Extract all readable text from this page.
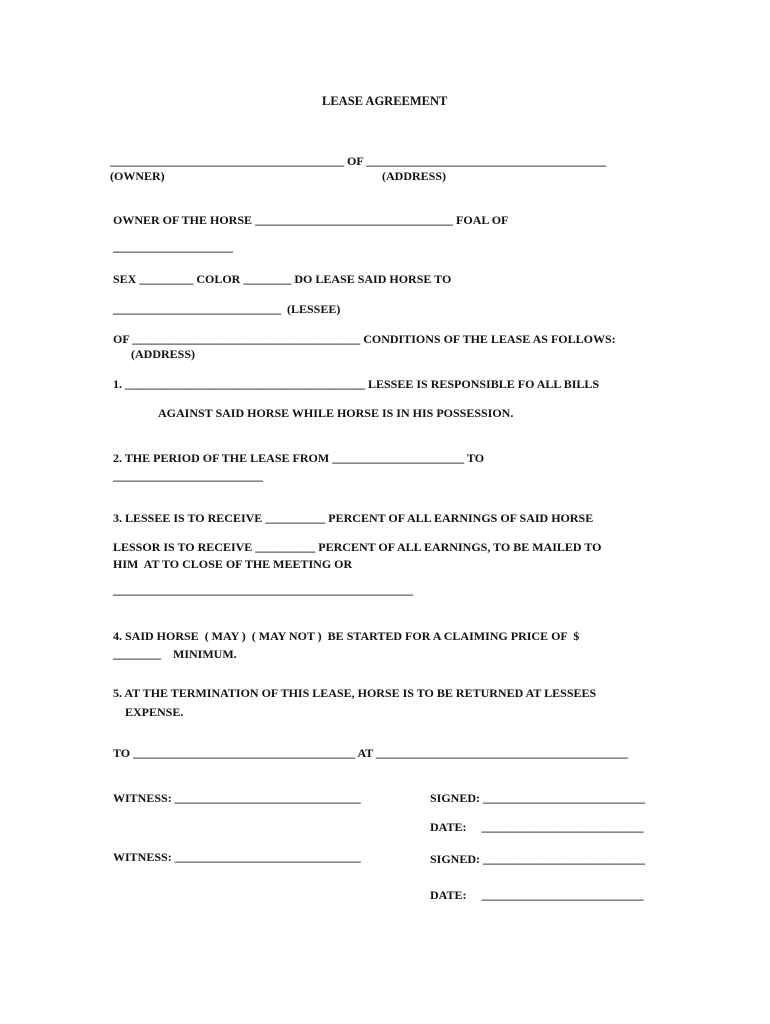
LEASE AGREEMENT
_______________________________________ OF ________________________________________
(OWNER)	(ADDRESS)
OWNER OF THE HORSE _________________________________ FOAL OF
____________________
SEX _________ COLOR ________ DO LEASE SAID HORSE TO
____________________________  (LESSEE)
OF ______________________________________ CONDITIONS OF THE LEASE AS FOLLOWS:
(ADDRESS)
1. ________________________________________ LESSEE IS RESPONSIBLE FO ALL BILLS
AGAINST SAID HORSE WHILE HORSE IS IN HIS POSSESSION.
2. THE PERIOD OF THE LEASE FROM ______________________ TO
_________________________
3. LESSEE IS TO RECEIVE __________ PERCENT OF ALL EARNINGS OF SAID HORSE
LESSOR IS TO RECEIVE __________ PERCENT OF ALL EARNINGS, TO BE MAILED TO
HIM  AT TO CLOSE OF THE MEETING OR
__________________________________________________
4. SAID HORSE  ( MAY )  ( MAY NOT )  BE STARTED FOR A CLAIMING PRICE OF  $
________    MINIMUM.
5. AT THE TERMINATION OF THIS LEASE, HORSE IS TO BE RETURNED AT LESSEES
EXPENSE.
TO _____________________________________ AT __________________________________________
WITNESS: _______________________________	SIGNED: ___________________________
DATE:     ___________________________
WITNESS: _______________________________	SIGNED: ___________________________
DATE:     ___________________________
